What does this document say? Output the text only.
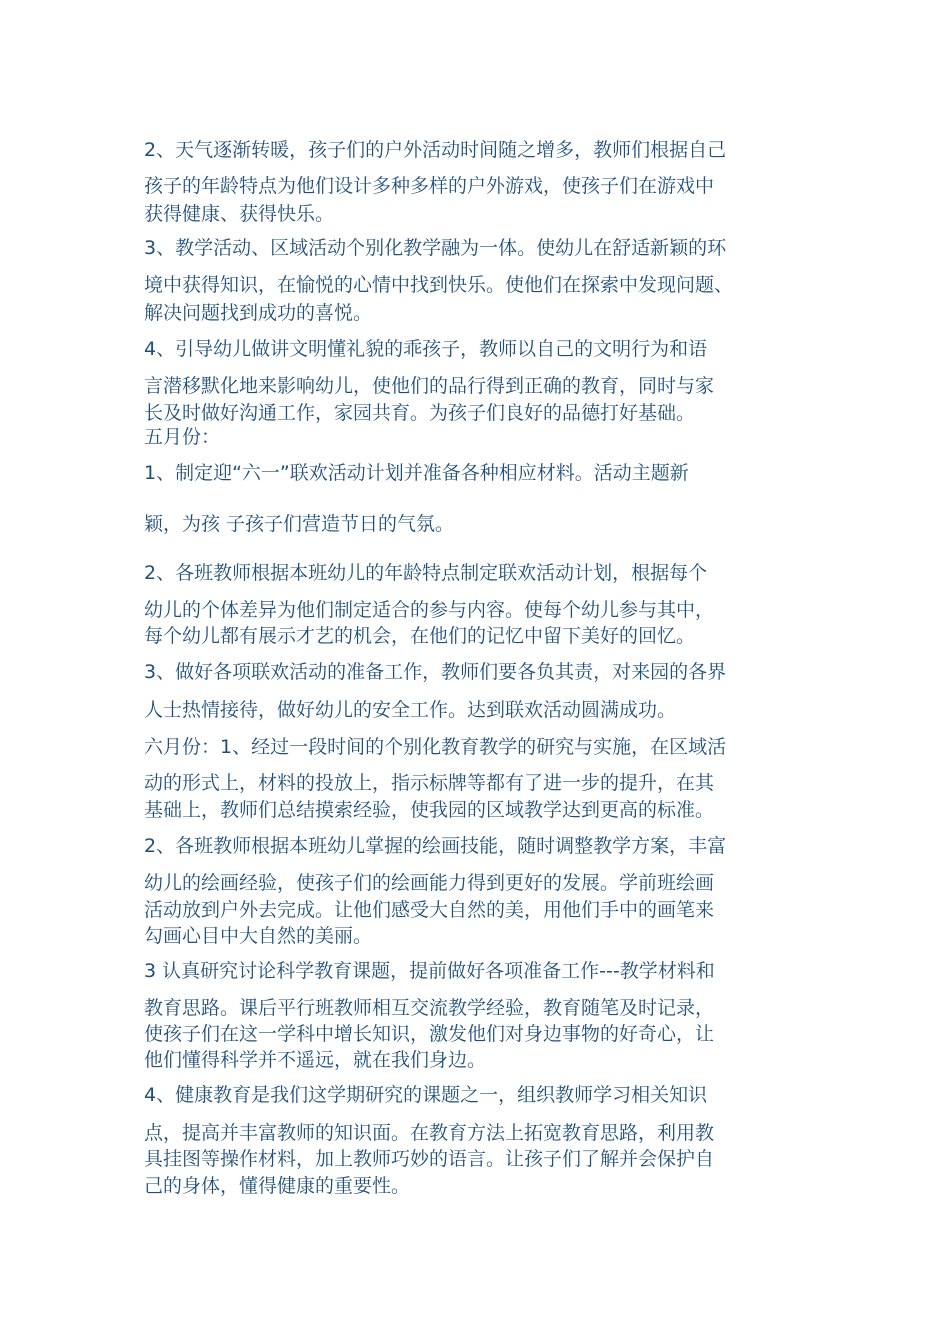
2、天气逐渐转暖，孩子们的户外活动时间随之增多，教师们根据自己
孩子的年龄特点为他们设计多种多样的户外游戏，使孩子们在游戏中
获得健康、获得快乐。
3、教学活动、区域活动个别化教学融为一体。使幼儿在舒适新颖的环
境中获得知识，在愉悦的心情中找到快乐。使他们在探索中发现问题、
解决问题找到成功的喜悦。
4、引导幼儿做讲文明懂礼貌的乖孩子，教师以自己的文明行为和语
言潜移默化地来影响幼儿，使他们的品行得到正确的教育，同时与家
长及时做好沟通工作，家园共育。为孩子们良好的品德打好基础。
五月份：
1、制定迎“六一”联欢活动计划并准备各种相应材料。活动主题新
颖，为孩 子孩子们营造节日的气氛。
2、各班教师根据本班幼儿的年龄特点制定联欢活动计划，根据每个
幼儿的个体差异为他们制定适合的参与内容。使每个幼儿参与其中，
每个幼儿都有展示才艺的机会，在他们的记忆中留下美好的回忆。
3、做好各项联欢活动的准备工作，教师们要各负其责，对来园的各界
人士热情接待，做好幼儿的安全工作。达到联欢活动圆满成功。
六月份：1、经过一段时间的个别化教育教学的研究与实施，在区域活
动的形式上，材料的投放上，指示标牌等都有了进一步的提升，在其
基础上，教师们总结摸索经验，使我园的区域教学达到更高的标准。
2、各班教师根据本班幼儿掌握的绘画技能，随时调整教学方案，丰富
幼儿的绘画经验，使孩子们的绘画能力得到更好的发展。学前班绘画
活动放到户外去完成。让他们感受大自然的美，用他们手中的画笔来
勾画心目中大自然的美丽。
3 认真研究讨论科学教育课题，提前做好各项准备工作---教学材料和
教育思路。课后平行班教师相互交流教学经验，教育随笔及时记录，
使孩子们在这一学科中增长知识，激发他们对身边事物的好奇心，让
他们懂得科学并不遥远，就在我们身边。
4、健康教育是我们这学期研究的课题之一，组织教师学习相关知识
点，提高并丰富教师的知识面。在教育方法上拓宽教育思路，利用教
具挂图等操作材料，加上教师巧妙的语言。让孩子们了解并会保护自
己的身体，懂得健康的重要性。
